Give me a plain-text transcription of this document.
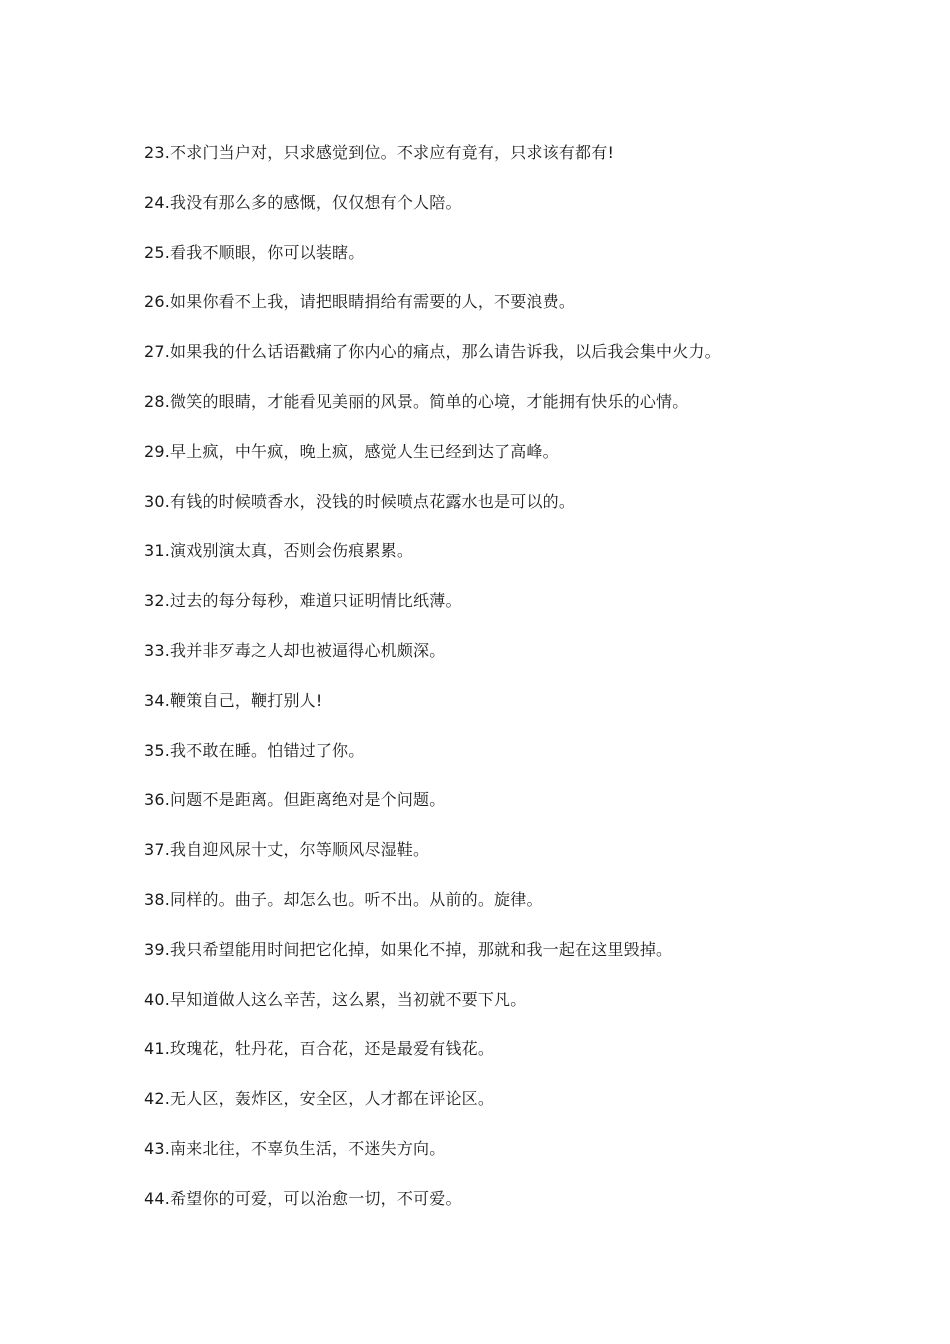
23.不求门当户对，只求感觉到位。不求应有竟有，只求该有都有!
24.我没有那么多的感慨，仅仅想有个人陪。
25.看我不顺眼，你可以装瞎。
26.如果你看不上我，请把眼睛捐给有需要的人，不要浪费。
27.如果我的什么话语戳痛了你内心的痛点，那么请告诉我，以后我会集中火力。
28.微笑的眼睛，才能看见美丽的风景。简单的心境，才能拥有快乐的心情。
29.早上疯，中午疯，晚上疯，感觉人生已经到达了高峰。
30.有钱的时候喷香水，没钱的时候喷点花露水也是可以的。
31.演戏别演太真，否则会伤痕累累。
32.过去的每分每秒，难道只证明情比纸薄。
33.我并非歹毒之人却也被逼得心机颇深。
34.鞭策自己，鞭打别人!
35.我不敢在睡。怕错过了你。
36.问题不是距离。但距离绝对是个问题。
37.我自迎风尿十丈，尔等顺风尽湿鞋。
38.同样的。曲子。却怎么也。听不出。从前的。旋律。
39.我只希望能用时间把它化掉，如果化不掉，那就和我一起在这里毁掉。
40.早知道做人这么辛苦，这么累，当初就不要下凡。
41.玫瑰花，牡丹花，百合花，还是最爱有钱花。
42.无人区，轰炸区，安全区，人才都在评论区。
43.南来北往，不辜负生活，不迷失方向。
44.希望你的可爱，可以治愈一切，不可爱。
